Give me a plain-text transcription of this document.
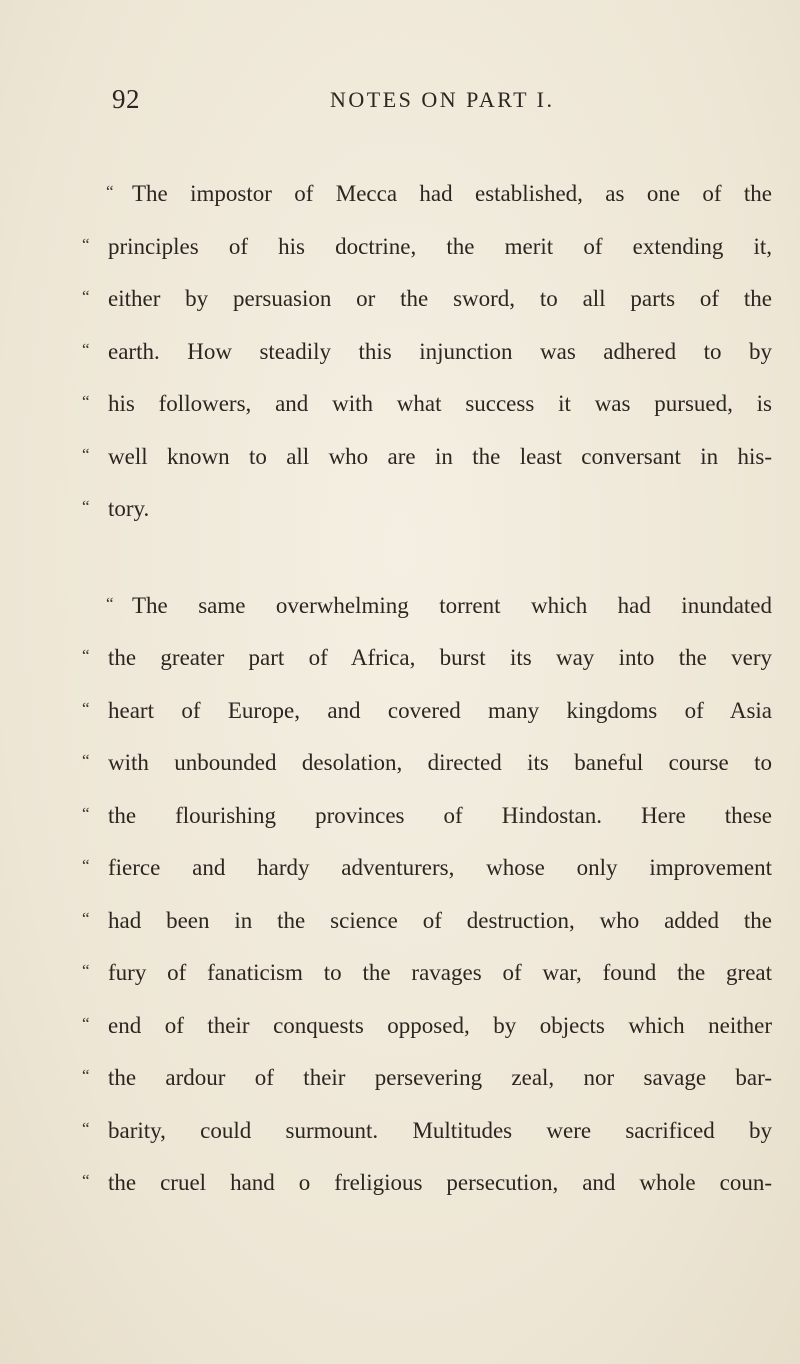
92	NOTES ON PART I.
“ The impostor of Mecca had established, as one of the
“ principles of his doctrine, the merit of extending it,
“ either by persuasion or the sword, to all parts of the
“ earth. How steadily this injunction was adhered to by
“ his followers, and with what success it was pursued, is
“ well known to all who are in the least conversant in his-
“ tory.
“ The same overwhelming torrent which had inundated
“ the greater part of Africa, burst its way into the very
“ heart of Europe, and covered many kingdoms of Asia
“ with unbounded desolation, directed its baneful course to
“ the flourishing provinces of Hindostan. Here these
“ fierce and hardy adventurers, whose only improvement
“ had been in the science of destruction, who added the
“ fury of fanaticism to the ravages of war, found the great
“ end of their conquests opposed, by objects which neither
“ the ardour of their persevering zeal, nor savage bar-
“ barity, could surmount. Multitudes were sacrificed by
“ the cruel hand o freligious persecution, and whole coun-
